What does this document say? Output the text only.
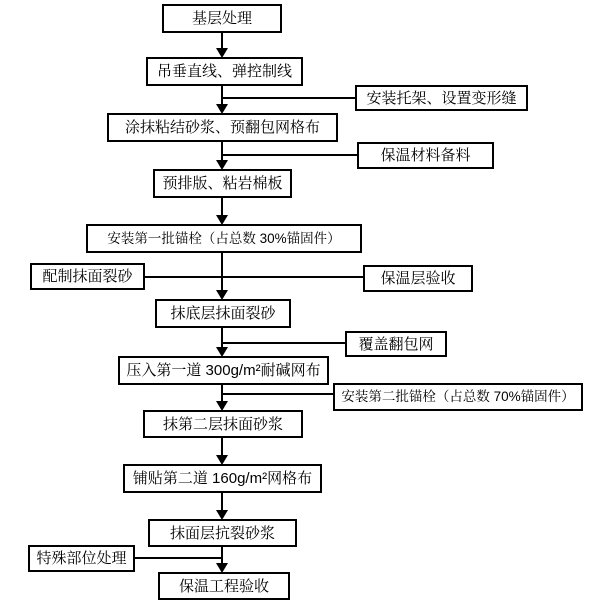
基层处理
吊垂直线、弹控制线
涂抹粘结砂浆、预翻包网格布
预排版、粘岩棉板
安装第一批锚栓（占总数 30%锚固件）
抹底层抹面裂砂
压入第一道 300g/m²耐碱网布
抹第二层抹面砂浆
铺贴第二道 160g/m²网格布
抹面层抗裂砂浆
保温工程验收
安装托架、设置变形缝
保温材料备料
保温层验收
覆盖翻包网
安装第二批锚栓（占总数 70%锚固件）
配制抹面裂砂
特殊部位处理
